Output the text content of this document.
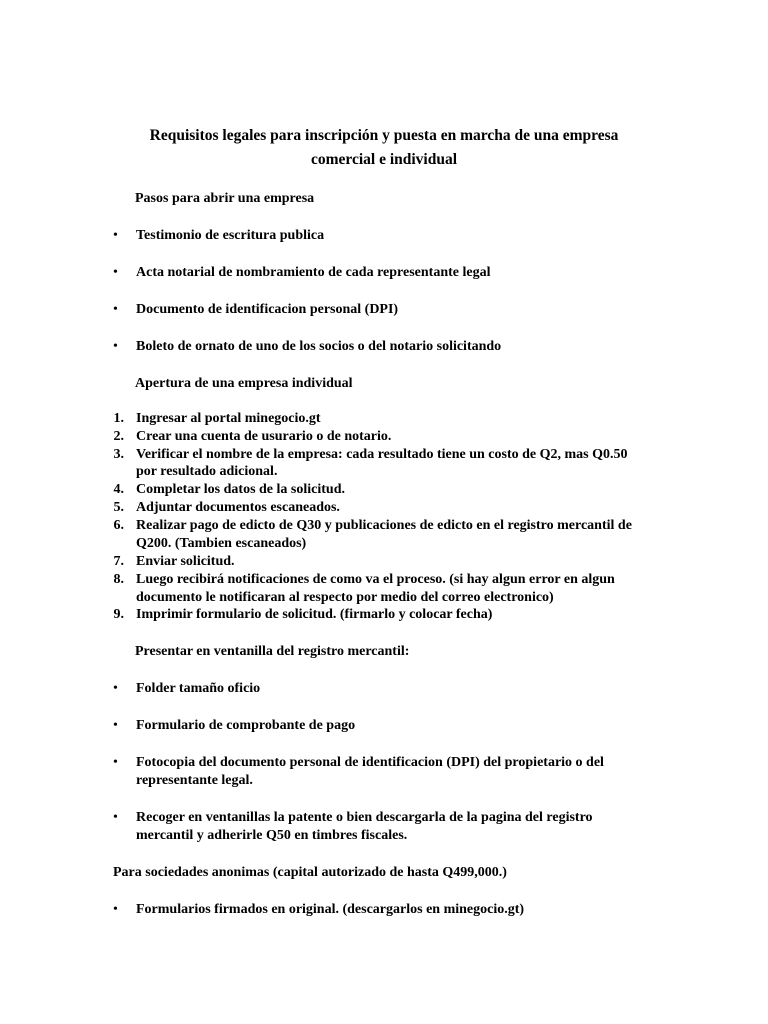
Requisitos legales para inscripción y puesta en marcha de una empresa
comercial e individual
Pasos para abrir una empresa
• Testimonio de escritura publica
• Acta notarial de nombramiento de cada representante legal
• Documento de identificacion personal (DPI)
• Boleto de ornato de uno de los socios o del notario solicitando
Apertura de una empresa individual
1. Ingresar al portal minegocio.gt
2. Crear una cuenta de usurario o de notario.
3. Verificar el nombre de la empresa: cada resultado tiene un costo de Q2, mas Q0.50
por resultado adicional.
4. Completar los datos de la solicitud.
5. Adjuntar documentos escaneados.
6. Realizar pago de edicto de Q30 y publicaciones de edicto en el registro mercantil de
Q200. (Tambien escaneados)
7. Enviar solicitud.
8. Luego recibirá notificaciones de como va el proceso. (si hay algun error en algun
documento le notificaran al respecto por medio del correo electronico)
9. Imprimir formulario de solicitud. (firmarlo y colocar fecha)
Presentar en ventanilla del registro mercantil:
• Folder tamaño oficio
• Formulario de comprobante de pago
• Fotocopia del documento personal de identificacion (DPI) del propietario o del
representante legal.
• Recoger en ventanillas la patente o bien descargarla de la pagina del registro
mercantil y adherirle Q50 en timbres fiscales.
Para sociedades anonimas (capital autorizado de hasta Q499,000.)
• Formularios firmados en original. (descargarlos en minegocio.gt)
